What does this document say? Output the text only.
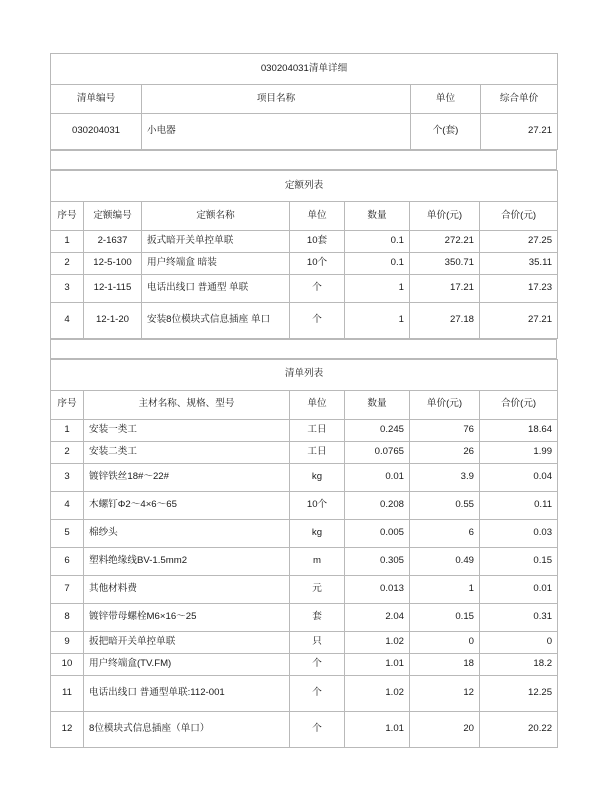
030204031清单详细			
清单编号	项目名称	单位	综合单价
030204031	小电器	个(套)	27.21
定额列表						
序号	定额编号	定额名称	单位	数量	单价(元)	合价(元)
1	2-1637	扳式暗开关单控单联	10套	0.1	272.21	27.25
2	12-5-100	用户终端盒 暗装	10个	0.1	350.71	35.11
3	12-1-115	电话出线口 普通型 单联	个	1	17.21	17.23
4	12-1-20	安装8位模块式信息插座 单口	个	1	27.18	27.21
清单列表					
序号	主材名称、规格、型号	单位	数量	单价(元)	合价(元)
1	安装一类工	工日	0.245	76	18.64
2	安装二类工	工日	0.0765	26	1.99
3	镀锌铁丝18#～22#	kg	0.01	3.9	0.04
4	木螺钉Φ2～4×6～65	10个	0.208	0.55	0.11
5	棉纱头	kg	0.005	6	0.03
6	塑料绝缘线BV-1.5mm2	m	0.305	0.49	0.15
7	其他材料费	元	0.013	1	0.01
8	镀锌带母螺栓M6×16～25	套	2.04	0.15	0.31
9	扳把暗开关单控单联	只	1.02	0	0
10	用户终端盒(TV.FM)	个	1.01	18	18.2
11	电话出线口 普通型单联:112-001	个	1.02	12	12.25
12	8位模块式信息插座（单口）	个	1.01	20	20.22
